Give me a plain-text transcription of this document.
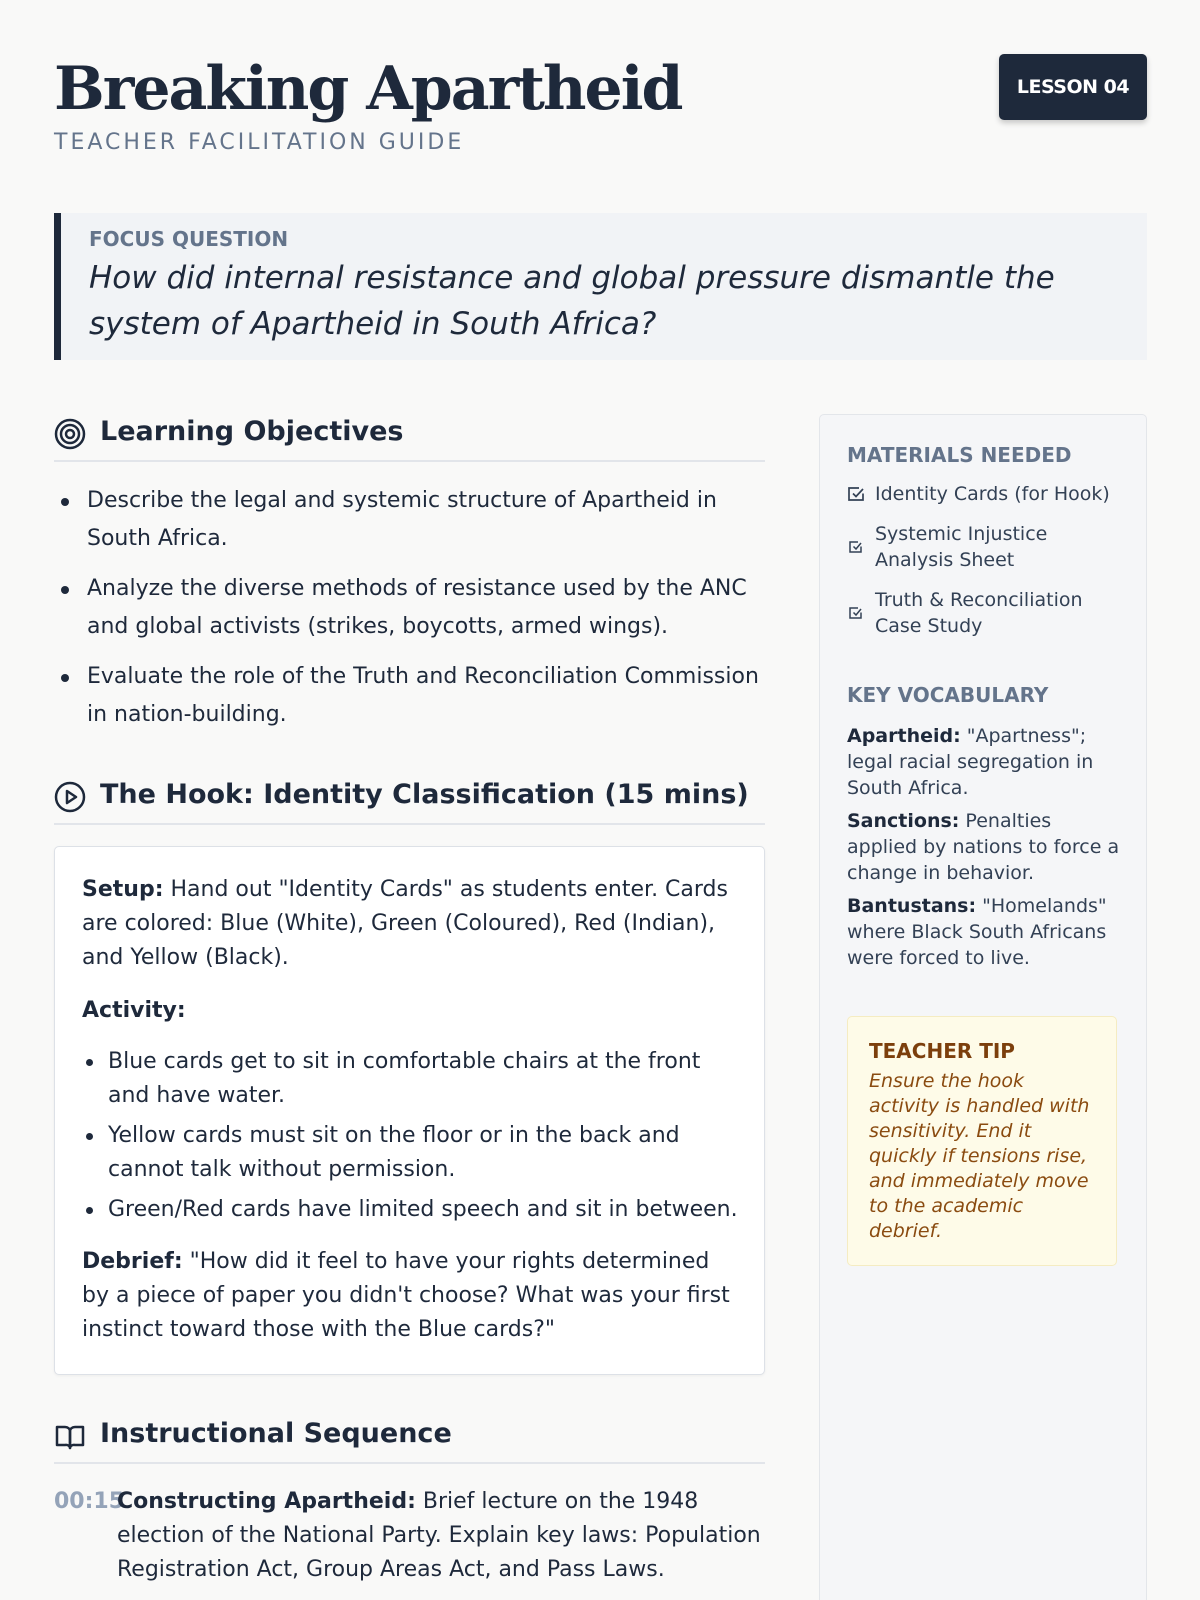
Breaking Apartheid
TEACHER FACILITATION GUIDE
LESSON 04
FOCUS QUESTION
How did internal resistance and global pressure dismantle the system of Apartheid in South Africa?
Learning Objectives
Describe the legal and systemic structure of Apartheid in South Africa.
Analyze the diverse methods of resistance used by the ANC and global activists (strikes, boycotts, armed wings).
Evaluate the role of the Truth and Reconciliation Commission in nation-building.
The Hook: Identity Classification (15 mins)

Setup: Hand out "Identity Cards" as students enter. Cards are colored: Blue (White), Green (Coloured), Red (Indian), and Yellow (Black).

Activity:

Blue cards get to sit in comfortable chairs at the front and have water.
Yellow cards must sit on the floor or in the back and cannot talk without permission.
Green/Red cards have limited speech and sit in between.

Debrief: "How did it feel to have your rights determined by a piece of paper you didn't choose? What was your first instinct toward those with the Blue cards?"

Instructional Sequence
00:15
Constructing Apartheid: Brief lecture on the 1948 election of the National Party. Explain key laws: Population Registration Act, Group Areas Act, and Pass Laws.
MATERIALS NEEDED
Identity Cards (for Hook)
Systemic Injustice Analysis Sheet
Truth & Reconciliation Case Study
KEY VOCABULARY
Apartheid: "Apartness"; legal racial segregation in South Africa.
Sanctions: Penalties applied by nations to force a change in behavior.
Bantustans: "Homelands" where Black South Africans were forced to live.
TEACHER TIP
Ensure the hook activity is handled with sensitivity. End it quickly if tensions rise, and immediately move to the academic debrief.
